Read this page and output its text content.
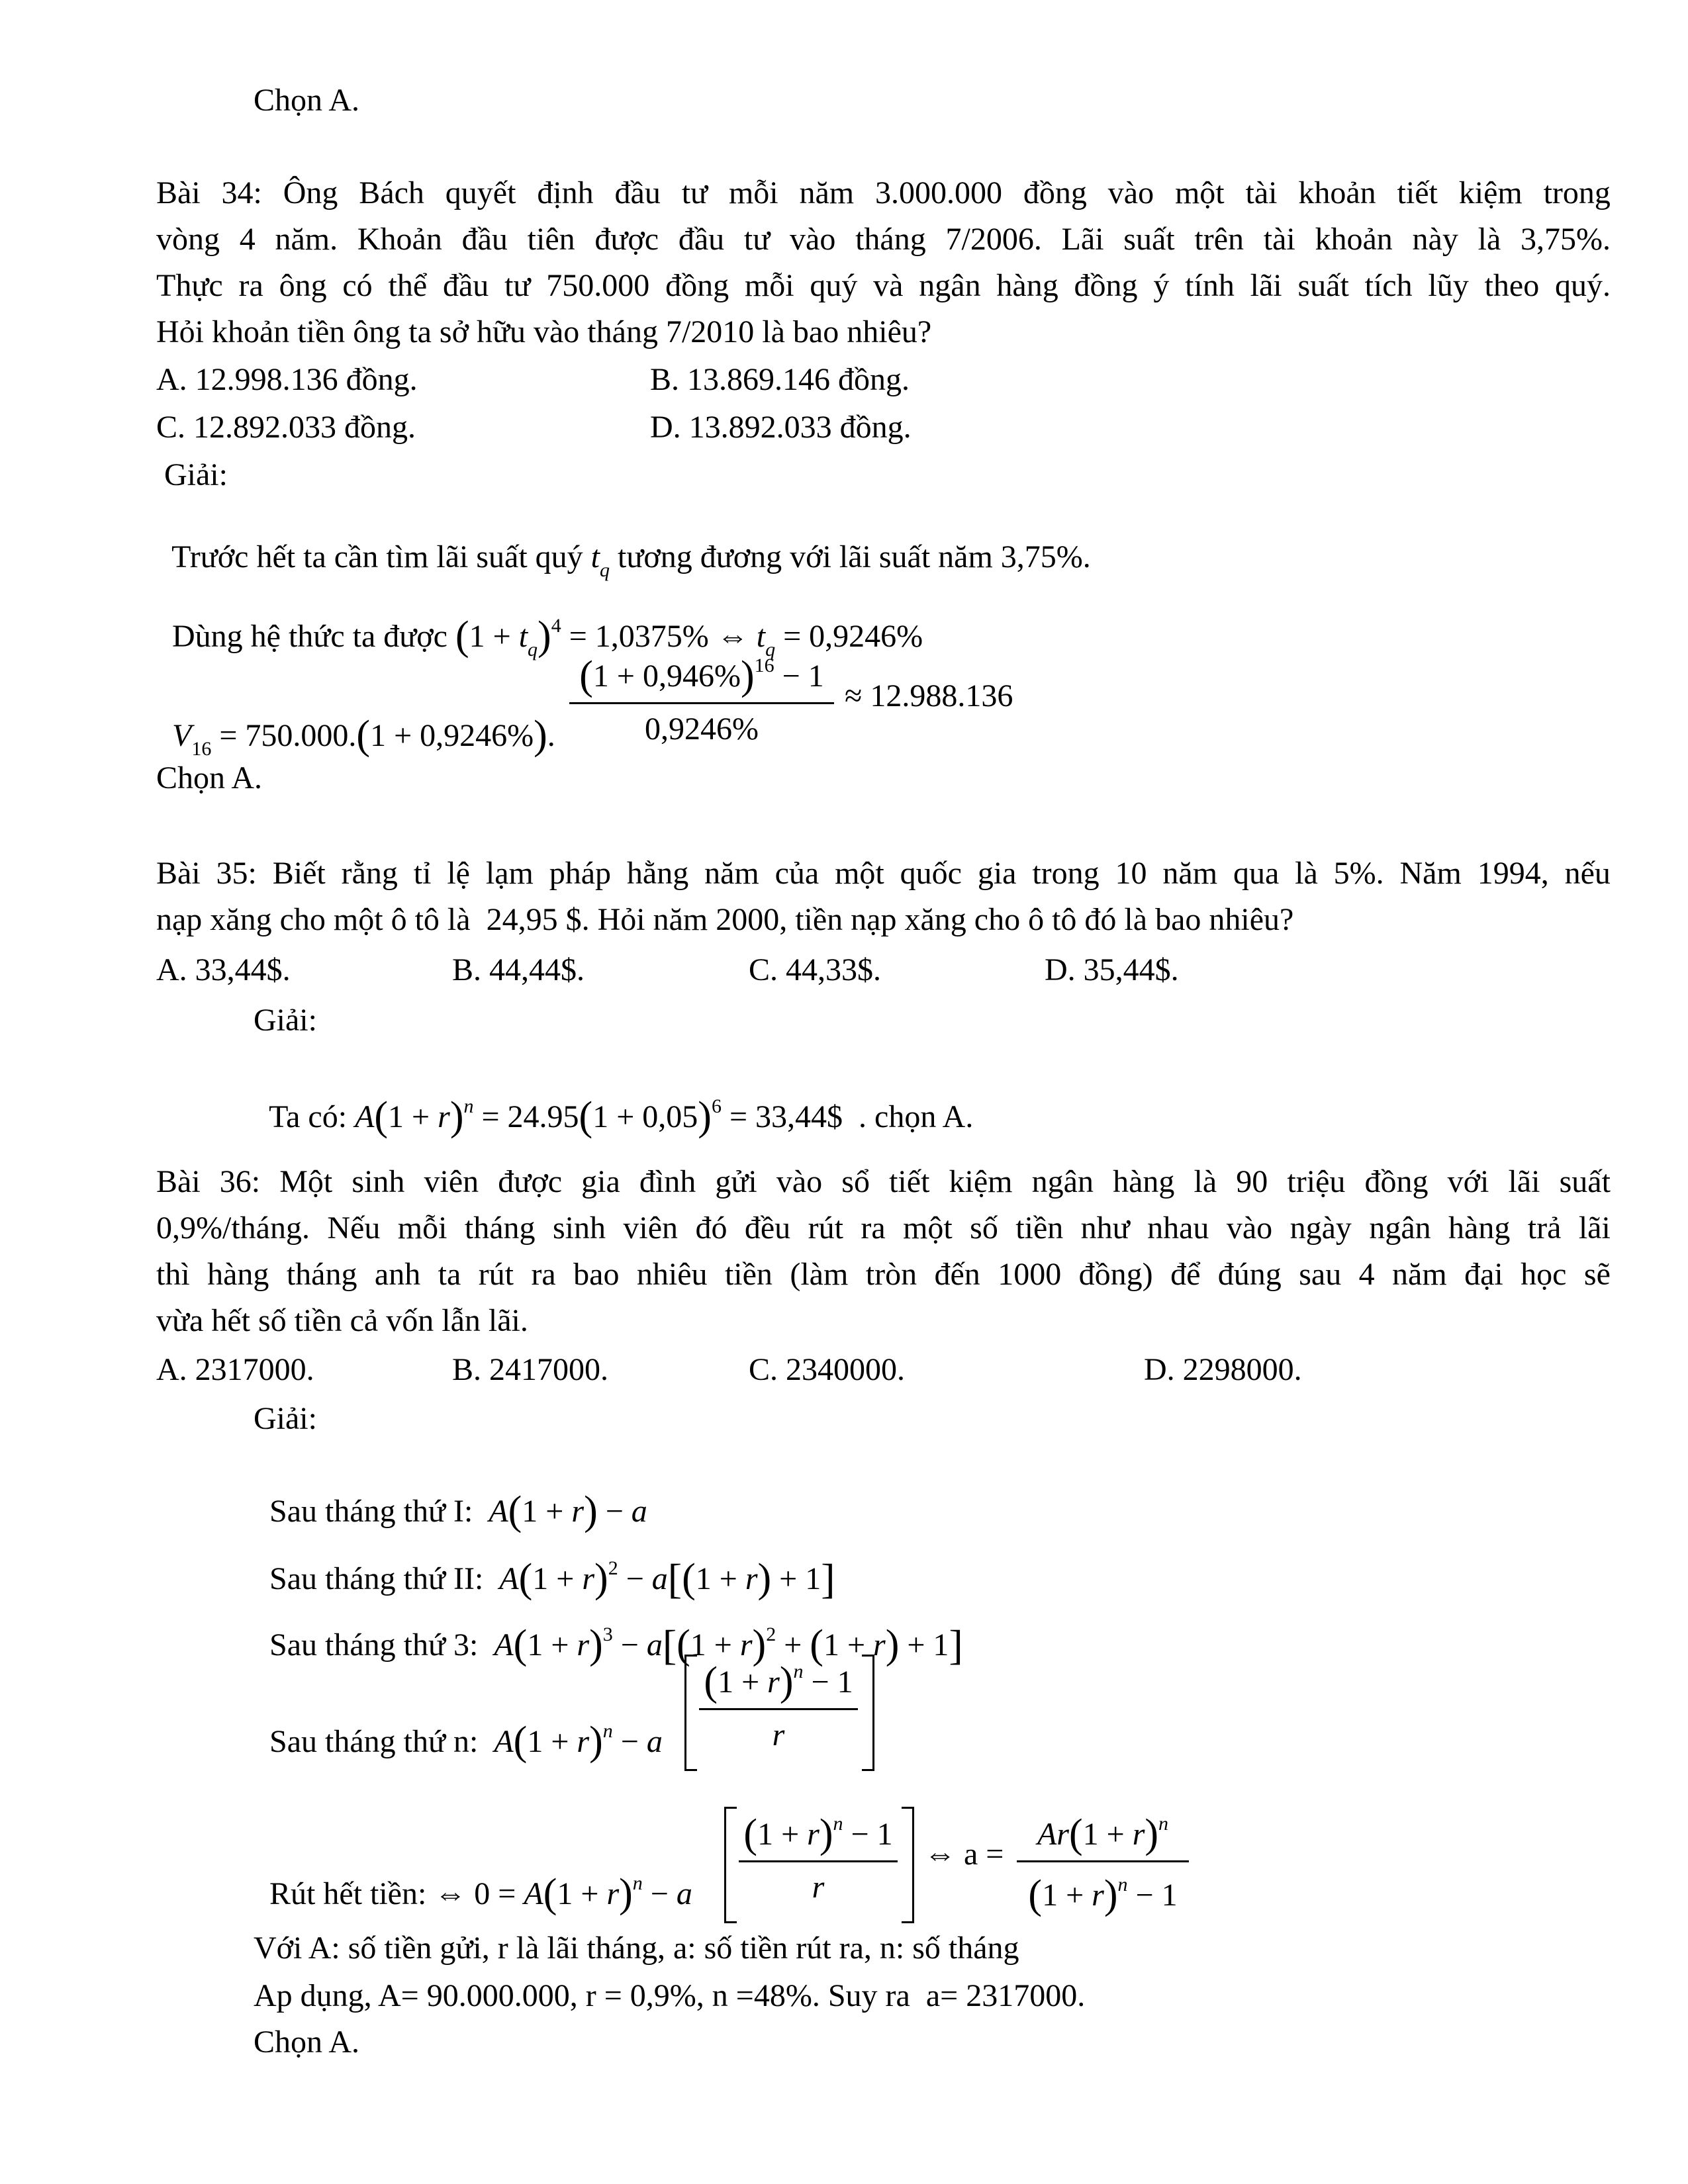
Chọn A.
Bài 34: Ông Bách quyết định đầu tư mỗi năm 3.000.000 đồng vào một tài khoản tiết kiệm trong
vòng 4 năm. Khoản đầu tiên được đầu tư vào tháng 7/2006. Lãi suất trên tài khoản này là 3,75%.
Thực ra ông có thể đầu tư 750.000 đồng mỗi quý và ngân hàng đồng ý tính lãi suất tích lũy theo quý.
Hỏi khoản tiền ông ta sở hữu vào tháng 7/2010 là bao nhiêu?
A. 12.998.136 đồng.	B. 13.869.146 đồng.
C. 12.892.033 đồng.	D. 13.892.033 đồng.
Giải:

Trước hết ta cần tìm lãi suất quý $t_q$ tương đương với lãi suất năm 3,75%.

Dùng hệ thức ta được $(1 + t_q)^4 = 1,0375\%$ ⇔ $t_q = 0,9246\%$

$V_{16} = 750.000.(1 + 0,9246\%)$.

$(1 + 0,946\%)^{16} - 1$
0,9246%
≈ 12.988.136
Chọn A.
Bài 35: Biết rằng tỉ lệ lạm pháp hằng năm của một quốc gia trong 10 năm qua là 5%. Năm 1994, nếu
nạp xăng cho một ô tô là  24,95 $. Hỏi năm 2000, tiền nạp xăng cho ô tô đó là bao nhiêu?
A. 33,44$.	B. 44,44$.	C. 44,33$.	D. 35,44$.
Giải:

Ta có: $A(1 + r)^n = 24.95(1 + 0,05)^6$ = 33,44$  . chọn A.

Bài 36: Một sinh viên được gia đình gửi vào sổ tiết kiệm ngân hàng là 90 triệu đồng với lãi suất
0,9%/tháng. Nếu mỗi tháng sinh viên đó đều rút ra một số tiền như nhau vào ngày ngân hàng trả lãi
thì hàng tháng anh ta rút ra bao nhiêu tiền (làm tròn đến 1000 đồng) để đúng sau 4 năm đại học sẽ
vừa hết số tiền cả vốn lẫn lãi.
A. 2317000.	B. 2417000.	C. 2340000.	D. 2298000.
Giải:

Sau tháng thứ I:  A(1 + r) − a

Sau tháng thứ II:  $A(1 + r)^2 - a[(1 + r) + 1]$

Sau tháng thứ 3:  $A(1 + r)^3 - a[(1 + r)^2 + (1 + r) + 1]$

Sau tháng thứ n:  $A(1 + r)^n - a$

$(1 + r)^n - 1$
r

Rút hết tiền: ⇔ $0 = A(1 + r)^n - a$

$(1 + r)^n - 1$
r
⇔ a =
$Ar(1 + r)^n$
$(1 + r)^n - 1$
Với A: số tiền gửi, r là lãi tháng, a: số tiền rút ra, n: số tháng
Ap dụng, A= 90.000.000, r = 0,9%, n =48%. Suy ra  a= 2317000.
Chọn A.
